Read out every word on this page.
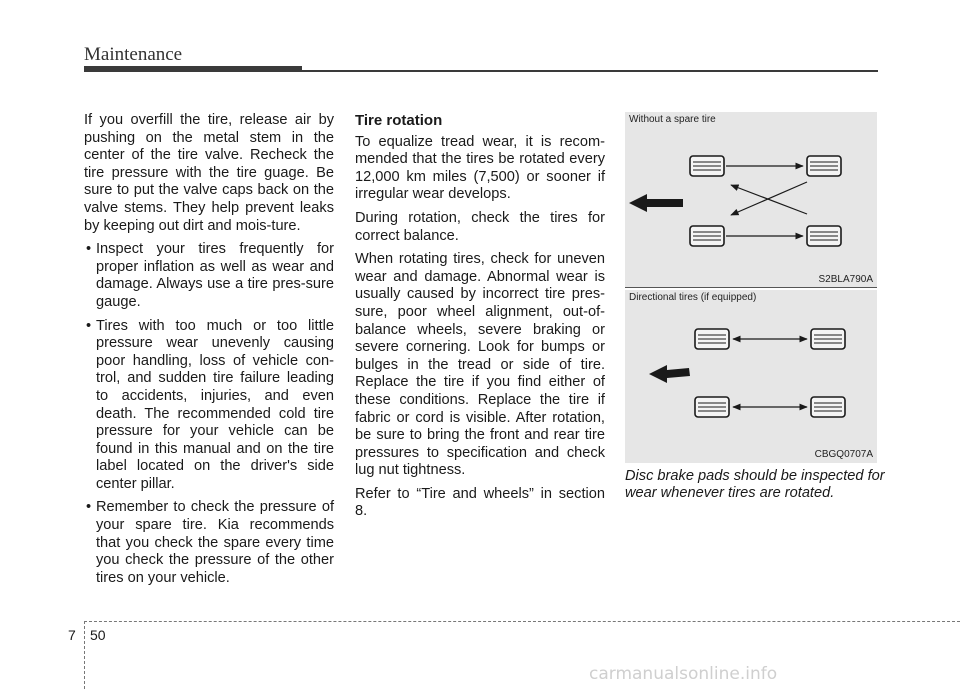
Maintenance

If you overfill the tire, release air by pushing on the metal stem in the center of the tire valve. Recheck the tire pressure with the tire guage. Be sure to put the valve caps back on the valve stems. They help prevent leaks by keeping out dirt and mois-ture.

• Inspect your tires frequently for proper inflation as well as wear and damage. Always use a tire pres-sure gauge.
• Tires with too much or too little pressure wear unevenly causing poor handling, loss of vehicle con-trol, and sudden tire failure leading to accidents, injuries, and even death. The recommended cold tire pressure for your vehicle can be found in this manual and on the tire label located on the driver's side center pillar.
• Remember to check the pressure of your spare tire. Kia recommends that you check the spare every time you check the pressure of the other tires on your vehicle.
Tire rotation

To equalize tread wear, it is recom-mended that the tires be rotated every 12,000 km miles (7,500) or sooner if irregular wear develops.

During rotation, check the tires for correct balance.

When rotating tires, check for uneven wear and damage. Abnormal wear is usually caused by incorrect tire pres-sure, poor wheel alignment, out-of-balance wheels, severe braking or severe cornering. Look for bumps or bulges in the tread or side of tire. Replace the tire if you find either of these conditions. Replace the tire if fabric or cord is visible. After rotation, be sure to bring the front and rear tire pressures to specification and check lug nut tightness.

Refer to “Tire and wheels” in section 8.

Without a spare tire
S2BLA790A
Directional tires (if equipped)
CBGQ0707A
Disc brake pads should be inspected for wear whenever tires are rotated.
7 50
carmanualsonline.info
